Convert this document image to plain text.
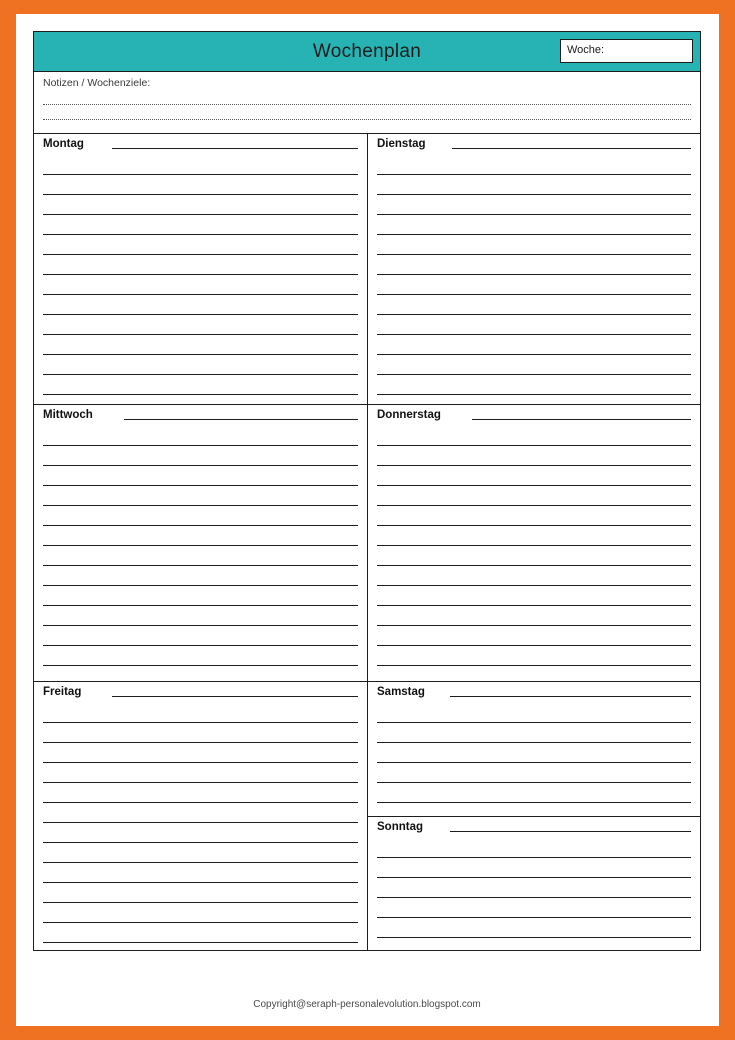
Wochenplan	Woche:
Notizen / Wochenziele:
Montag
Mittwoch
Freitag
Dienstag
Donnerstag
Samstag
Sonntag
Copyright@seraph-personalevolution.blogspot.com
